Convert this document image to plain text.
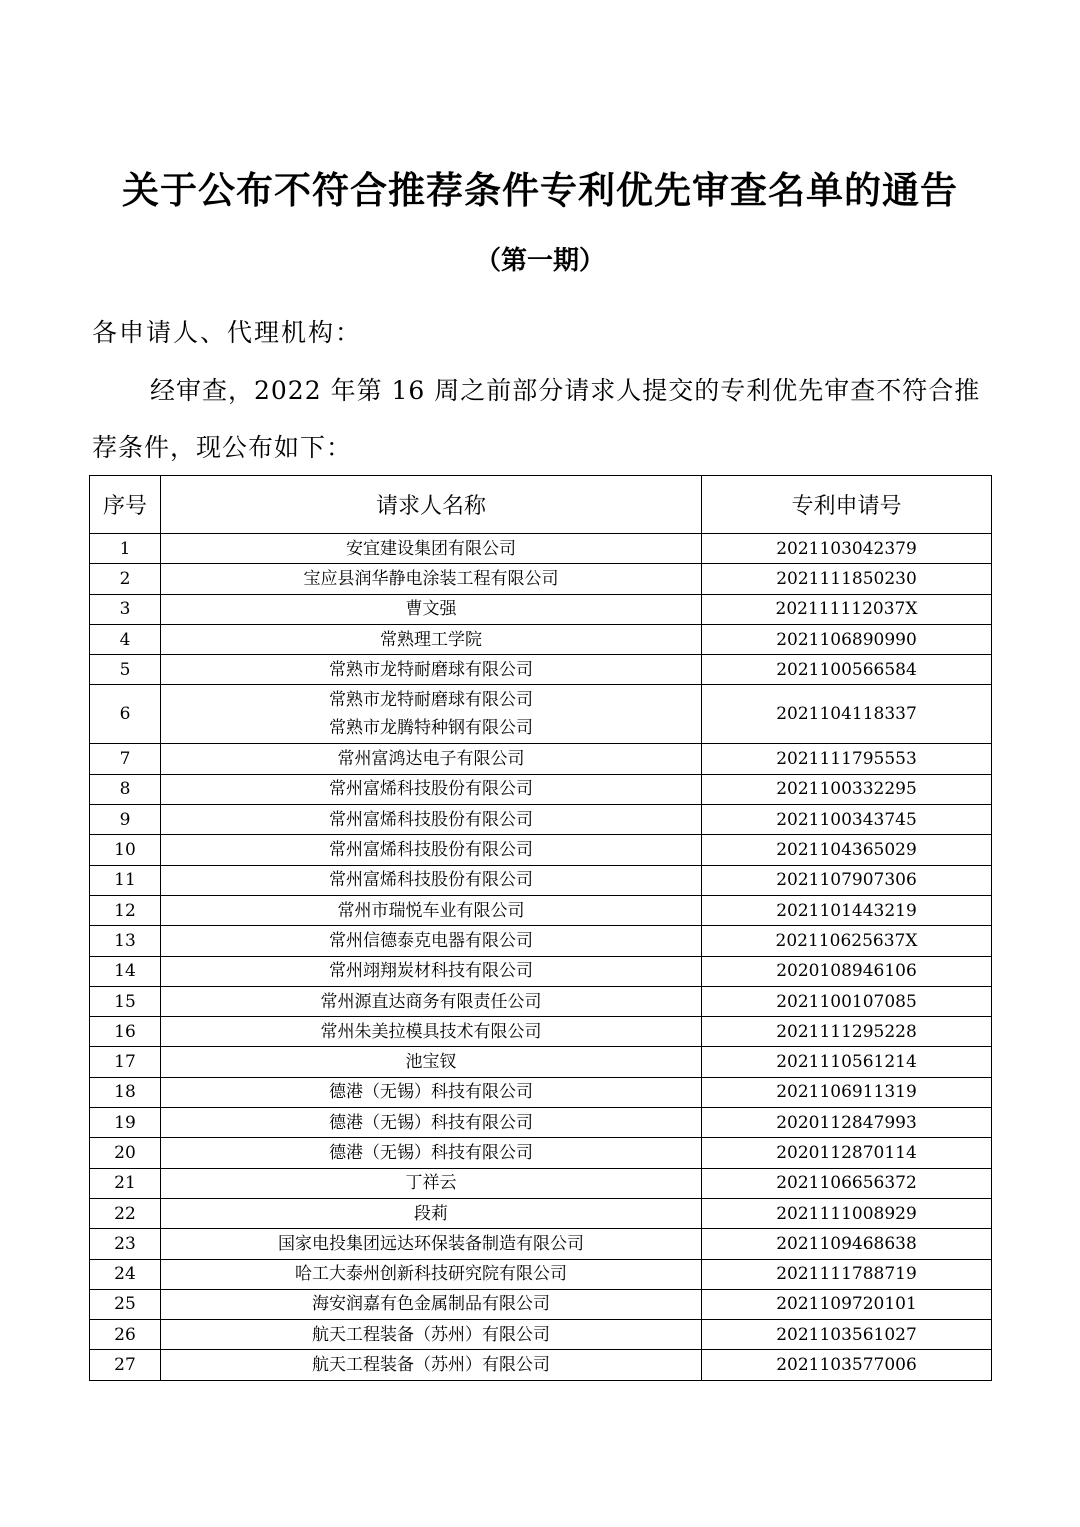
关于公布不符合推荐条件专利优先审查名单的通告
（第一期）
各申请人、代理机构：
经审查，2022 年第 16 周之前部分请求人提交的专利优先审查不符合推荐条件，现公布如下：
序号	请求人名称	专利申请号
1	安宜建设集团有限公司	2021103042379
2	宝应县润华静电涂装工程有限公司	2021111850230
3	曹文强	202111112037X
4	常熟理工学院	2021106890990
5	常熟市龙特耐磨球有限公司	2021100566584
6	常熟市龙特耐磨球有限公司
常熟市龙腾特种钢有限公司	2021104118337
7	常州富鸿达电子有限公司	2021111795553
8	常州富烯科技股份有限公司	2021100332295
9	常州富烯科技股份有限公司	2021100343745
10	常州富烯科技股份有限公司	2021104365029
11	常州富烯科技股份有限公司	2021107907306
12	常州市瑞悦车业有限公司	2021101443219
13	常州信德泰克电器有限公司	202110625637X
14	常州翊翔炭材科技有限公司	2020108946106
15	常州源直达商务有限责任公司	2021100107085
16	常州朱美拉模具技术有限公司	2021111295228
17	池宝钗	2021110561214
18	德港（无锡）科技有限公司	2021106911319
19	德港（无锡）科技有限公司	2020112847993
20	德港（无锡）科技有限公司	2020112870114
21	丁祥云	2021106656372
22	段莉	2021111008929
23	国家电投集团远达环保装备制造有限公司	2021109468638
24	哈工大泰州创新科技研究院有限公司	2021111788719
25	海安润嘉有色金属制品有限公司	2021109720101
26	航天工程装备（苏州）有限公司	2021103561027
27	航天工程装备（苏州）有限公司	2021103577006
